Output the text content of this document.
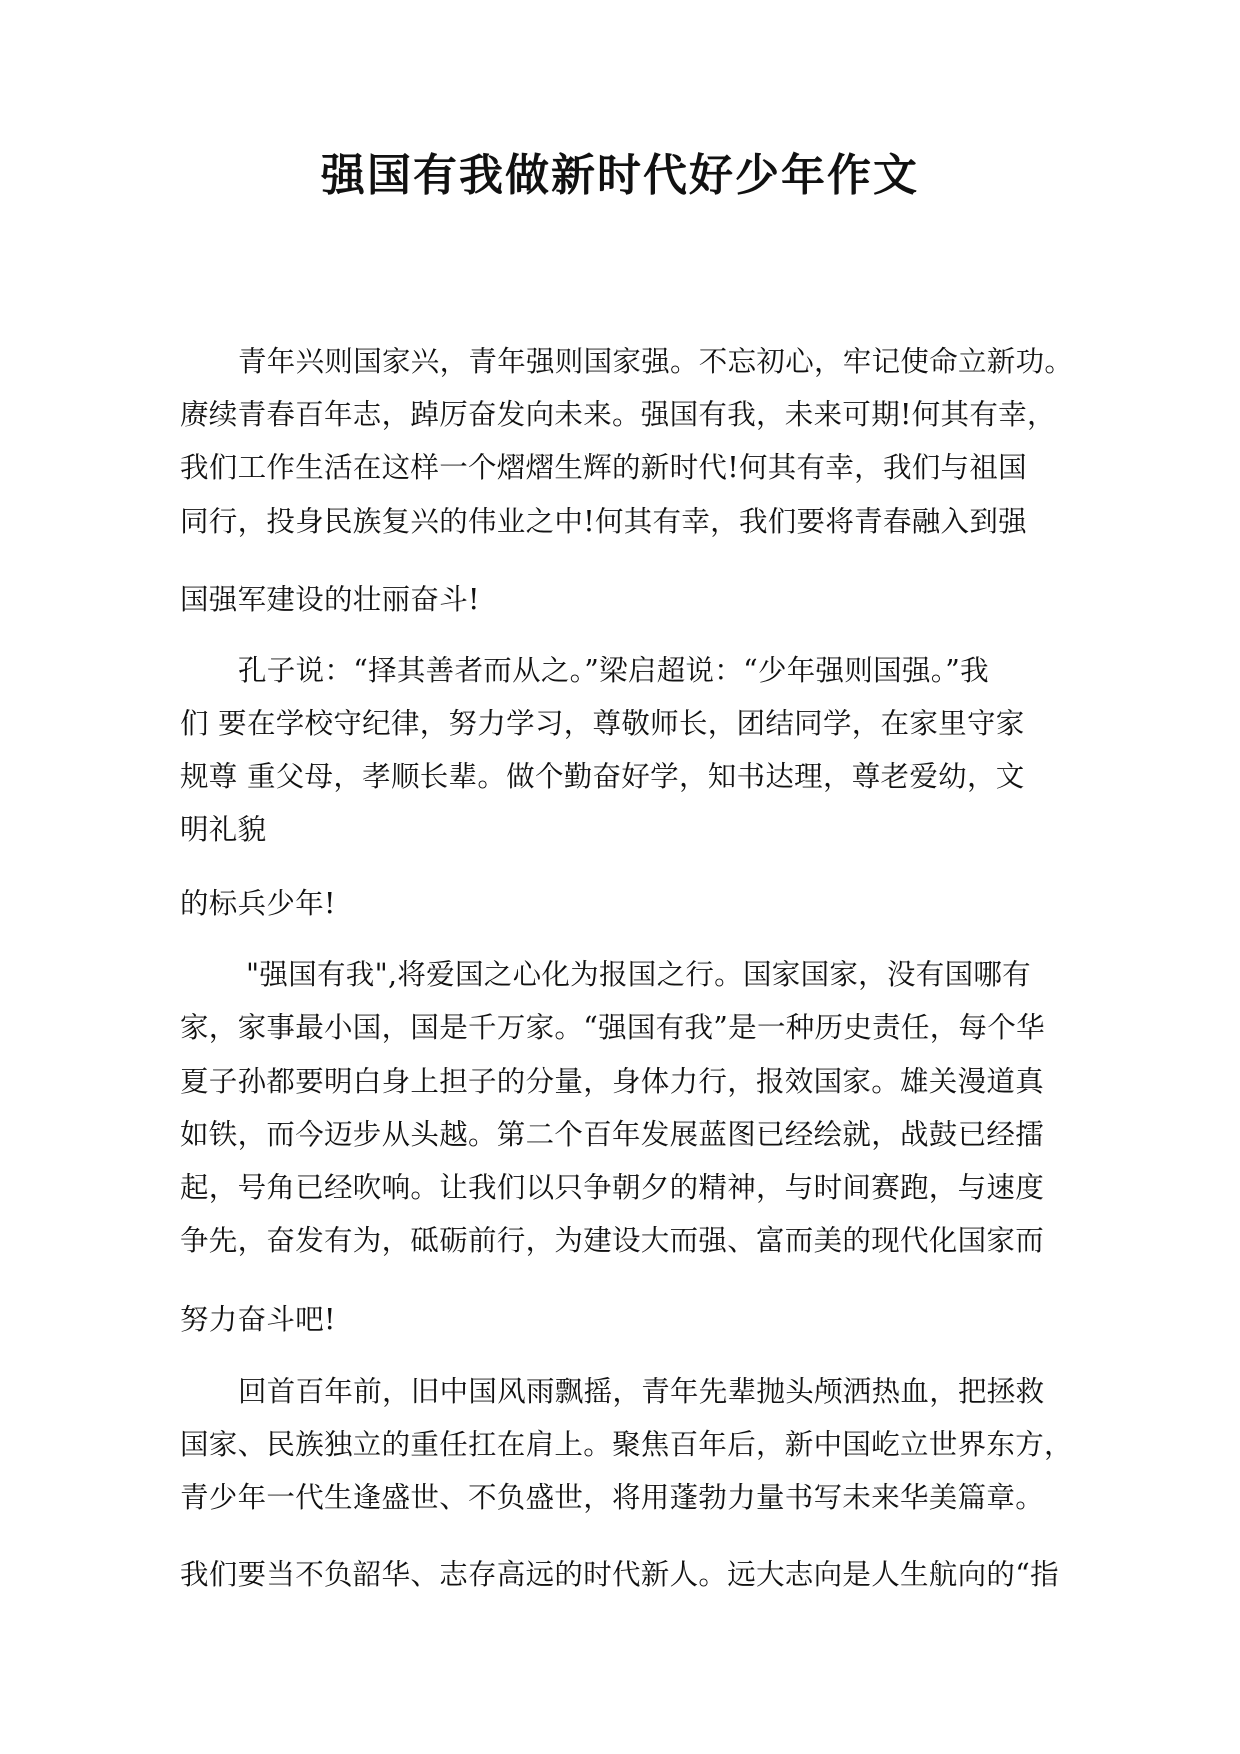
强国有我做新时代好少年作文

青年兴则国家兴，青年强则国家强。不忘初心，牢记使命立新功。

赓续青春百年志，踔厉奋发向未来。强国有我，未来可期!何其有幸，

我们工作生活在这样一个熠熠生辉的新时代!何其有幸，我们与祖国

同行，投身民族复兴的伟业之中!何其有幸，我们要将青春融入到强

国强军建设的壮丽奋斗!

孔子说：“择其善者而从之。”梁启超说：“少年强则国强。”我

们 要在学校守纪律，努力学习，尊敬师长，团结同学，在家里守家

规尊 重父母，孝顺长辈。做个勤奋好学，知书达理，尊老爱幼，文

明礼貌

的标兵少年!

"强国有我",将爱国之心化为报国之行。国家国家，没有国哪有

家，家事最小国，国是千万家。“强国有我”是一种历史责任，每个华

夏子孙都要明白身上担子的分量，身体力行，报效国家。雄关漫道真

如铁，而今迈步从头越。第二个百年发展蓝图已经绘就，战鼓已经擂

起，号角已经吹响。让我们以只争朝夕的精神，与时间赛跑，与速度

争先，奋发有为，砥砺前行，为建设大而强、富而美的现代化国家而

努力奋斗吧!

回首百年前，旧中国风雨飘摇，青年先辈抛头颅洒热血，把拯救

国家、民族独立的重任扛在肩上。聚焦百年后，新中国屹立世界东方，

青少年一代生逢盛世、不负盛世，将用蓬勃力量书写未来华美篇章。

我们要当不负韶华、志存高远的时代新人。远大志向是人生航向的“指
